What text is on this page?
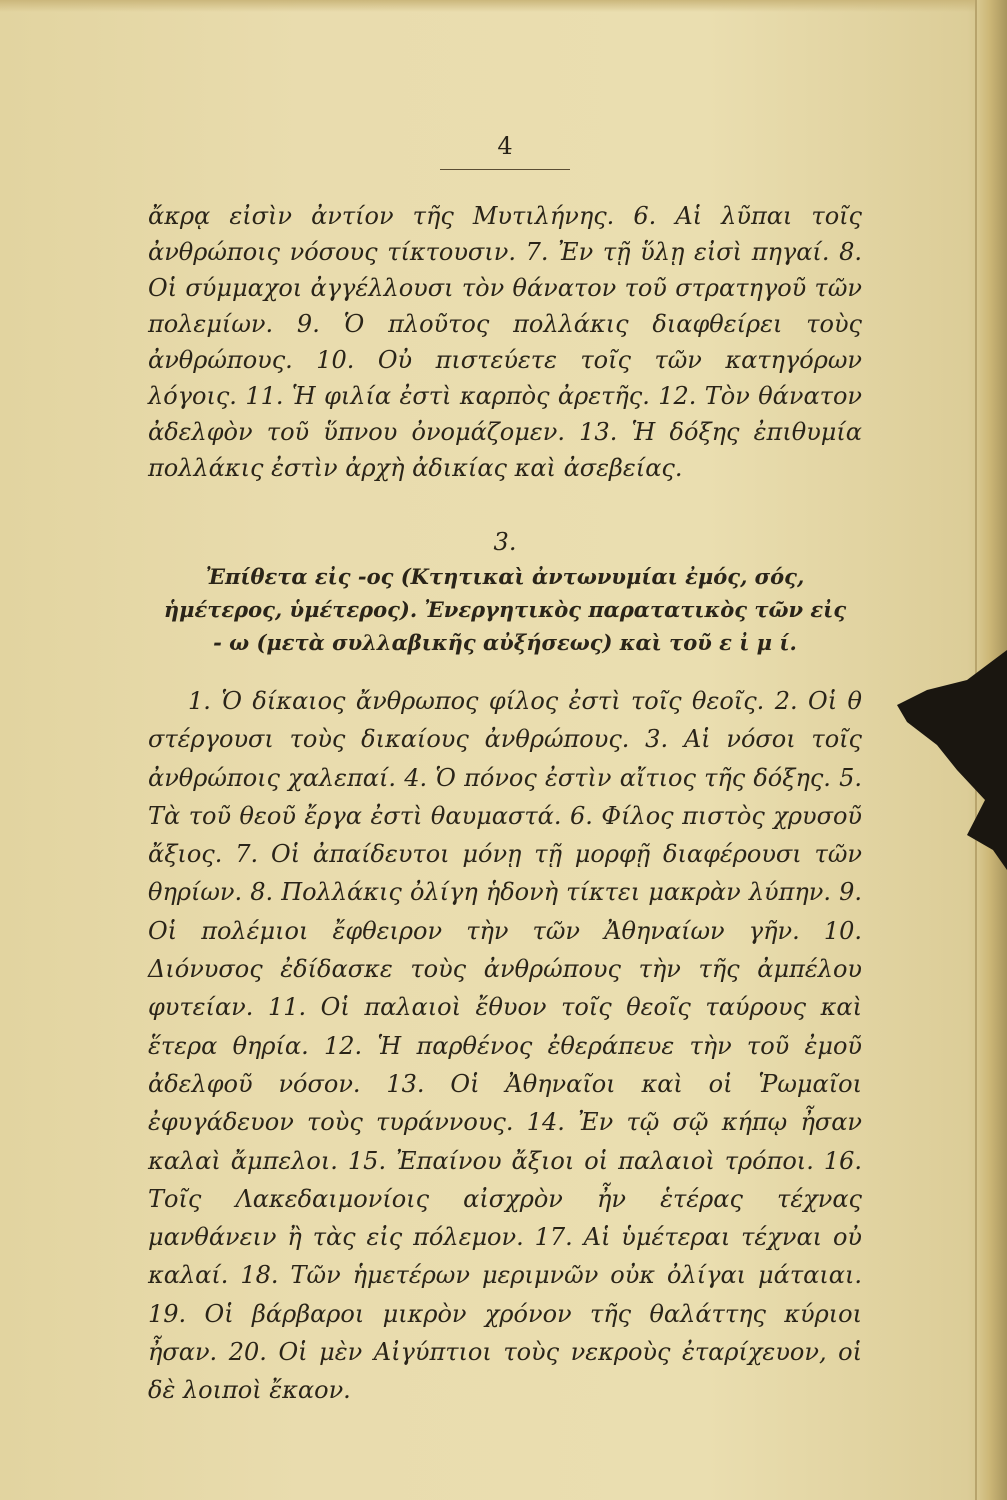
4
ἄκρᾳ εἰσὶν ἀντίον τῆς Μυτιλήνης. 6. Αἱ λῦπαι τοῖς ἀνθρώποις νόσους τίκτουσιν. 7. Ἐν τῇ ὕλῃ εἰσὶ πηγαί. 8. Οἱ σύμμαχοι ἀγγέλλουσι τὸν θάνατον τοῦ στρατηγοῦ τῶν πολεμίων. 9. Ὁ πλοῦτος πολλάκις διαφθείρει τοὺς ἀνθρώπους. 10. Οὐ πιστεύετε τοῖς τῶν κατηγόρων λόγοις. 11. Ἡ φιλία ἐστὶ καρπὸς ἀρετῆς. 12. Τὸν θάνατον ἀδελφὸν τοῦ ὕπνου ὀνομάζομεν. 13. Ἡ δόξης ἐπιθυμία πολλάκις ἐστὶν ἀρχὴ ἀδικίας καὶ ἀσεβείας.
3.
Ἐπίθετα εἰς -ος (Κτητικαὶ ἀντωνυμίαι ἐμός, σός, ἡμέτερος, ὑμέτερος). Ἐνεργητικὸς παρατατικὸς τῶν εἰς - ω (μετὰ συλλαβικῆς αὐξήσεως) καὶ τοῦ ε ἰ μ ί.
1. Ὁ δίκαιος ἄνθρωπος φίλος ἐστὶ τοῖς θεοῖς. 2. Οἱ θ στέργουσι τοὺς δικαίους ἀνθρώπους. 3. Αἱ νόσοι τοῖς ἀνθρώποις χαλεπαί. 4. Ὁ πόνος ἐστὶν αἴτιος τῆς δόξης. 5. Τὰ τοῦ θεοῦ ἔργα ἐστὶ θαυμαστά. 6. Φίλος πιστὸς χρυσοῦ ἄξιος. 7. Οἱ ἀπαίδευτοι μόνῃ τῇ μορφῇ διαφέρουσι τῶν θηρίων. 8. Πολλάκις ὀλίγη ἡδονὴ τίκτει μακρὰν λύπην. 9. Οἱ πολέμιοι ἔφθειρον τὴν τῶν Ἀθηναίων γῆν. 10. Διόνυσος ἐδίδασκε τοὺς ἀνθρώπους τὴν τῆς ἀμπέλου φυτείαν. 11. Οἱ παλαιοὶ ἔθυον τοῖς θεοῖς ταύρους καὶ ἕτερα θηρία. 12. Ἡ παρθένος ἐθεράπευε τὴν τοῦ ἐμοῦ ἀδελφοῦ νόσον. 13. Οἱ Ἀθηναῖοι καὶ οἱ Ῥωμαῖοι ἐφυγάδευον τοὺς τυράννους. 14. Ἐν τῷ σῷ κήπῳ ἦσαν καλαὶ ἄμπελοι. 15. Ἐπαίνου ἄξιοι οἱ παλαιοὶ τρόποι. 16. Τοῖς Λακεδαιμονίοις αἰσχρὸν ἦν ἑτέρας τέχνας μανθάνειν ἢ τὰς εἰς πόλεμον. 17. Αἱ ὑμέτεραι τέχναι οὐ καλαί. 18. Τῶν ἡμετέρων μεριμνῶν οὐκ ὀλίγαι μάταιαι. 19. Οἱ βάρβαροι μικρὸν χρόνον τῆς θαλάττης κύριοι ἦσαν. 20. Οἱ μὲν Αἰγύπτιοι τοὺς νεκροὺς ἐταρίχευον, οἱ δὲ λοιποὶ ἔκαον.
